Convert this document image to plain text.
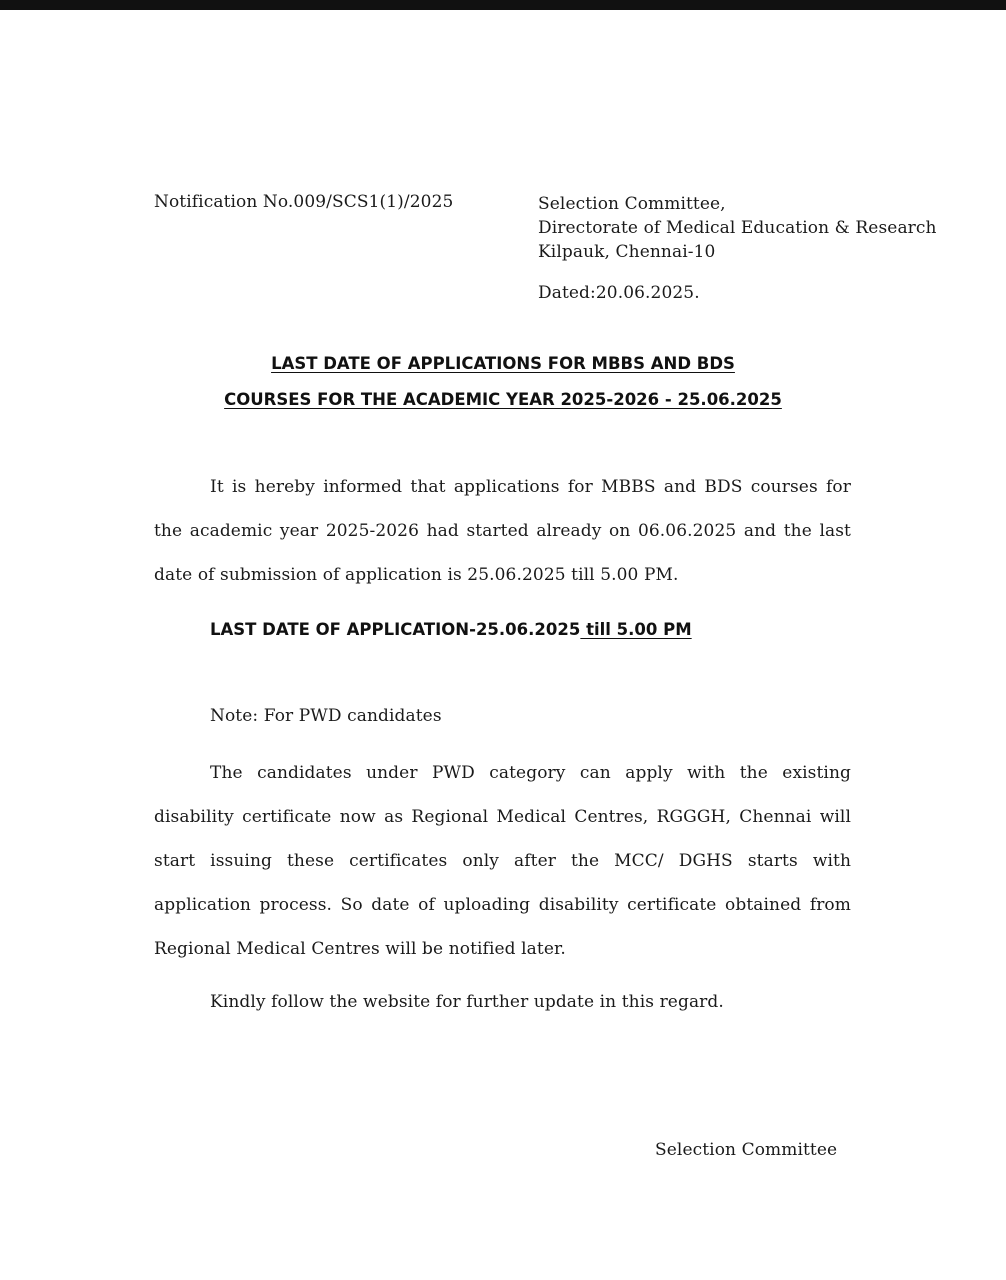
Notification No.009/SCS1(1)/2025	Selection Committee,
Directorate of Medical Education & Research
Kilpauk, Chennai-10
Dated:20.06.2025.
LAST DATE OF APPLICATIONS FOR MBBS AND BDS
COURSES FOR THE ACADEMIC YEAR 2025-2026 - 25.06.2025
It is hereby informed that applications for MBBS and BDS courses for
the academic year 2025-2026 had started already on 06.06.2025 and the last
date of submission of application is 25.06.2025 till 5.00 PM.
LAST DATE OF APPLICATION-25.06.2025 till 5.00 PM
Note: For PWD candidates
The candidates under PWD category can apply with the existing
disability certificate now as Regional Medical Centres, RGGGH, Chennai will
start issuing these certificates only after the MCC/ DGHS starts with
application process. So date of uploading disability certificate obtained from
Regional Medical Centres will be notified later.
Kindly follow the website for further update in this regard.
Selection Committee
